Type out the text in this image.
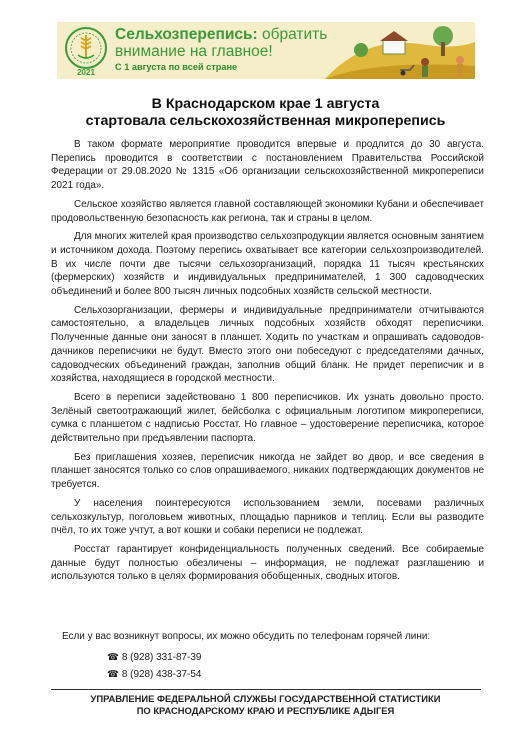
2021
Сельхозперепись: обратить
внимание на главное!
С 1 августа по всей стране
В Краснодарском крае 1 августа
стартовала сельскохозяйственная микроперепись

В таком формате мероприятие проводится впервые и продлится до 30 августа. Перепись проводится в соответствии с постановлением Правительства Российской Федерации от 29.08.2020 № 1315 «Об организации сельскохозяйственной микропереписи 2021 года».

Сельское хозяйство является главной составляющей экономики Кубани и обеспечивает продовольственную безопасность как региона, так и страны в целом.

Для многих жителей края производство сельхозпродукции является основным занятием и источником дохода. Поэтому перепись охватывает все категории сельхозпроизводителей. В их числе почти две тысячи сельхозорганизаций, порядка 11 тысяч крестьянских (фермерских) хозяйств и индивидуальных предпринимателей, 1 300 садоводческих объединений и более 800 тысяч личных подсобных хозяйств сельской местности.

Сельхозорганизации, фермеры и индивидуальные предприниматели отчитываются самостоятельно, а владельцев личных подсобных хозяйств обходят переписчики. Полученные данные они заносят в планшет. Ходить по участкам и опрашивать садоводов-дачников переписчики не будут. Вместо этого они побеседуют с председателями дачных, садоводческих объединений граждан, заполнив общий бланк. Не придет переписчик и в хозяйства, находящиеся в городской местности.

Всего в переписи задействовано 1 800 переписчиков. Их узнать довольно просто. Зелёный светоотражающий жилет, бейсболка с официальным логотипом микропереписи, сумка с планшетом с надписью Росстат. Но главное – удостоверение переписчика, которое действительно при предъявлении паспорта.

Без приглашения хозяев, переписчик никогда не зайдет во двор, и все сведения в планшет заносятся только со слов опрашиваемого, никаких подтверждающих документов не требуется.

У населения поинтересуются использованием земли, посевами различных сельхозкультур, поголовьем животных, площадью парников и теплиц. Если вы разводите пчёл, то их тоже учтут, а вот кошки и собаки переписи не подлежат.

Росстат гарантирует конфиденциальность полученных сведений. Все собираемые данные будут полностью обезличены – информация, не подлежат разглашению и используются только в целях формирования обобщенных, сводных итогов.

Если у вас возникнут вопросы, их можно обсудить по телефонам горячей лини:
☎ 8 (928) 331-87-39
☎ 8 (928) 438-37-54
УПРАВЛЕНИЕ ФЕДЕРАЛЬНОЙ СЛУЖБЫ ГОСУДАРСТВЕННОЙ СТАТИСТИКИ
ПО КРАСНОДАРСКОМУ КРАЮ И РЕСПУБЛИКЕ АДЫГЕЯ
